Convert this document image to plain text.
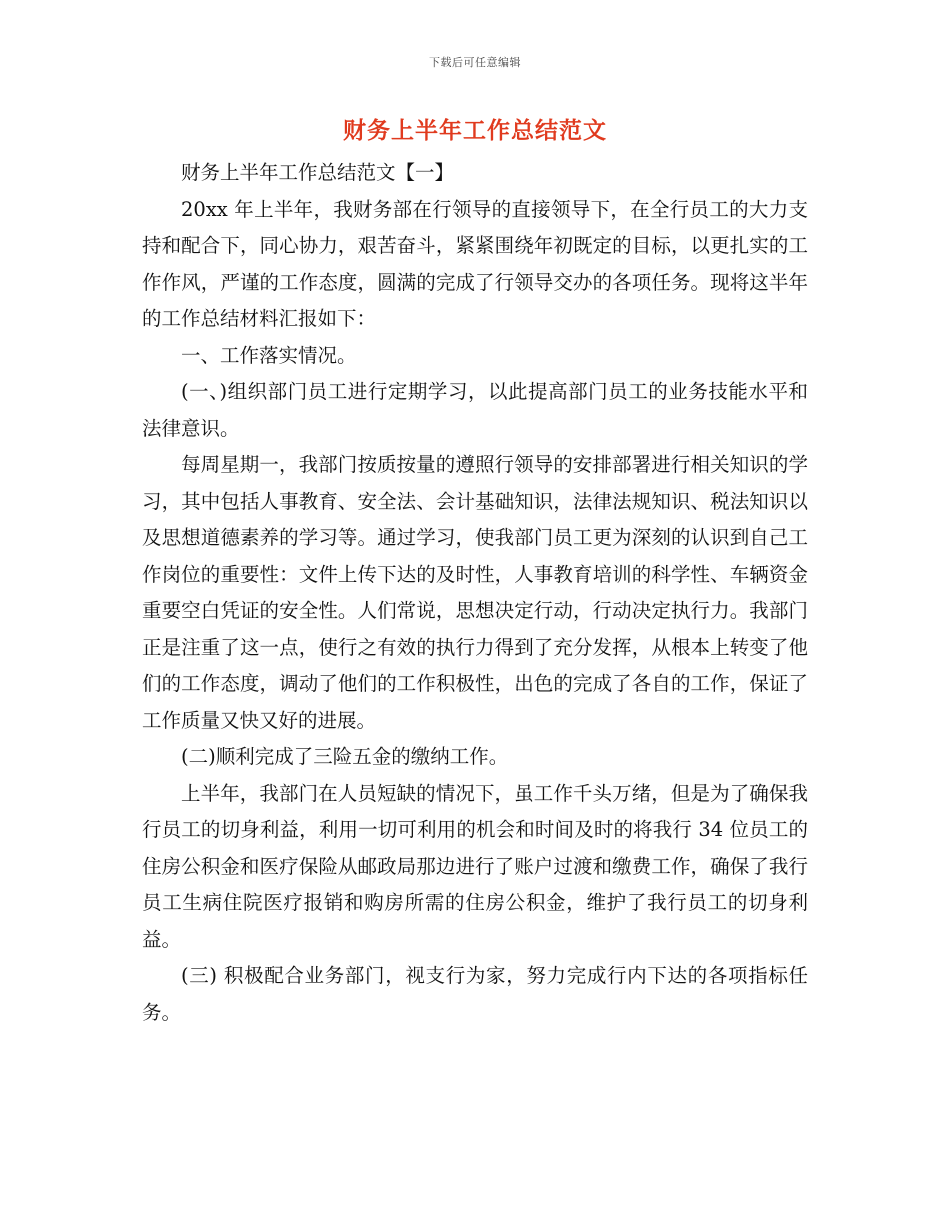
下载后可任意编辑
财务上半年工作总结范文

财务上半年工作总结范文【一】

20xx 年上半年，我财务部在行领导的直接领导下，在全行员工的大力支持和配合下，同心协力，艰苦奋斗，紧紧围绕年初既定的目标，以更扎实的工作作风，严谨的工作态度，圆满的完成了行领导交办的各项任务。现将这半年的工作总结材料汇报如下：

一、工作落实情况。

(一、)组织部门员工进行定期学习，以此提高部门员工的业务技能水平和法律意识。

每周星期一，我部门按质按量的遵照行领导的安排部署进行相关知识的学习，其中包括人事教育、安全法、会计基础知识，法律法规知识、税法知识以及思想道德素养的学习等。通过学习，使我部门员工更为深刻的认识到自己工作岗位的重要性：文件上传下达的及时性，人事教育培训的科学性、车辆资金重要空白凭证的安全性。人们常说，思想决定行动，行动决定执行力。我部门正是注重了这一点，使行之有效的执行力得到了充分发挥，从根本上转变了他们的工作态度，调动了他们的工作积极性，出色的完成了各自的工作，保证了工作质量又快又好的进展。

(二)顺利完成了三险五金的缴纳工作。

上半年，我部门在人员短缺的情况下，虽工作千头万绪，但是为了确保我行员工的切身利益，利用一切可利用的机会和时间及时的将我行 34 位员工的住房公积金和医疗保险从邮政局那边进行了账户过渡和缴费工作，确保了我行员工生病住院医疗报销和购房所需的住房公积金，维护了我行员工的切身利益。

(三) 积极配合业务部门，视支行为家，努力完成行内下达的各项指标任务。
